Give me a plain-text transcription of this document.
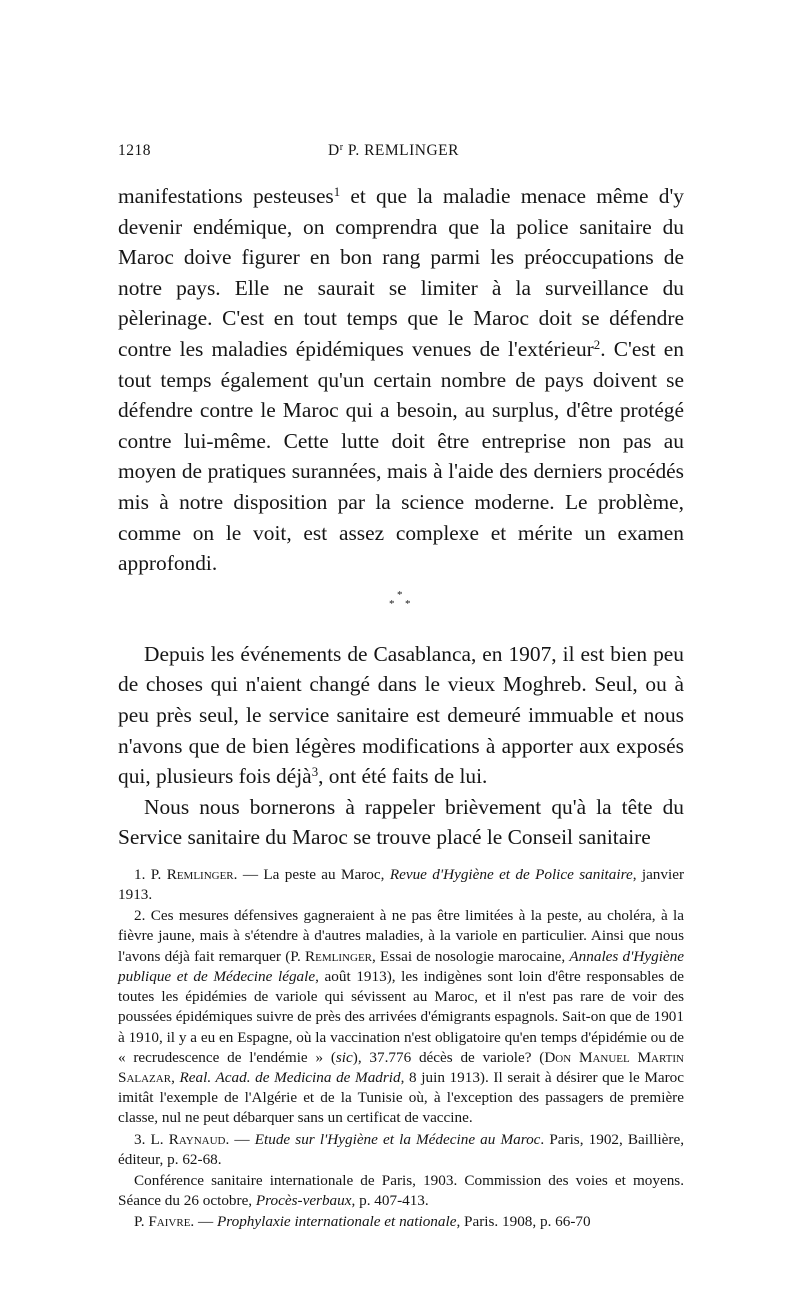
1218	$D^r$ P. REMLINGER

manifestations pesteuses$^1$ et que la maladie menace même d'y devenir endémique, on comprendra que la police sanitaire du Maroc doive figurer en bon rang parmi les préoccupations de notre pays. Elle ne saurait se limiter à la surveillance du pèlerinage. C'est en tout temps que le Maroc doit se défendre contre les maladies épidémiques venues de l'extérieur$^2$. C'est en tout temps également qu'un certain nombre de pays doivent se défendre contre le Maroc qui a besoin, au surplus, d'être protégé contre lui-même. Cette lutte doit être entreprise non pas au moyen de pratiques surannées, mais à l'aide des derniers procédés mis à notre disposition par la science moderne. Le problème, comme on le voit, est assez complexe et mérite un examen approfondi.

*
* *

Depuis les événements de Casablanca, en 1907, il est bien peu de choses qui n'aient changé dans le vieux Moghreb. Seul, ou à peu près seul, le service sanitaire est demeuré immuable et nous n'avons que de bien légères modifications à apporter aux exposés qui, plusieurs fois déjà$^3$, ont été faits de lui.

Nous nous bornerons à rappeler brièvement qu'à la tête du Service sanitaire du Maroc se trouve placé le Conseil sanitaire

1. P. Remlinger. — La peste au Maroc, Revue d'Hygiène et de Police sanitaire, janvier 1913.

2. Ces mesures défensives gagneraient à ne pas être limitées à la peste, au choléra, à la fièvre jaune, mais à s'étendre à d'autres maladies, à la variole en particulier. Ainsi que nous l'avons déjà fait remarquer (P. Remlinger, Essai de nosologie marocaine, Annales d'Hygiène publique et de Médecine légale, août 1913), les indigènes sont loin d'être responsables de toutes les épidémies de variole qui sévissent au Maroc, et il n'est pas rare de voir des poussées épidémiques suivre de près des arrivées d'émigrants espagnols. Sait-on que de 1901 à 1910, il y a eu en Espagne, où la vaccination n'est obligatoire qu'en temps d'épidémie ou de « recrudescence de l'endémie » (sic), 37.776 décès de variole? (Don Manuel Martin Salazar, Real. Acad. de Medicina de Madrid, 8 juin 1913). Il serait à désirer que le Maroc imitât l'exemple de l'Algérie et de la Tunisie où, à l'exception des passagers de première classe, nul ne peut débarquer sans un certificat de vaccine.

3. L. Raynaud. — Etude sur l'Hygiène et la Médecine au Maroc. Paris, 1902, Baillière, éditeur, p. 62-68.

Conférence sanitaire internationale de Paris, 1903. Commission des voies et moyens. Séance du 26 octobre, Procès-verbaux, p. 407-413.

P. Faivre. — Prophylaxie internationale et nationale, Paris. 1908, p. 66-70
